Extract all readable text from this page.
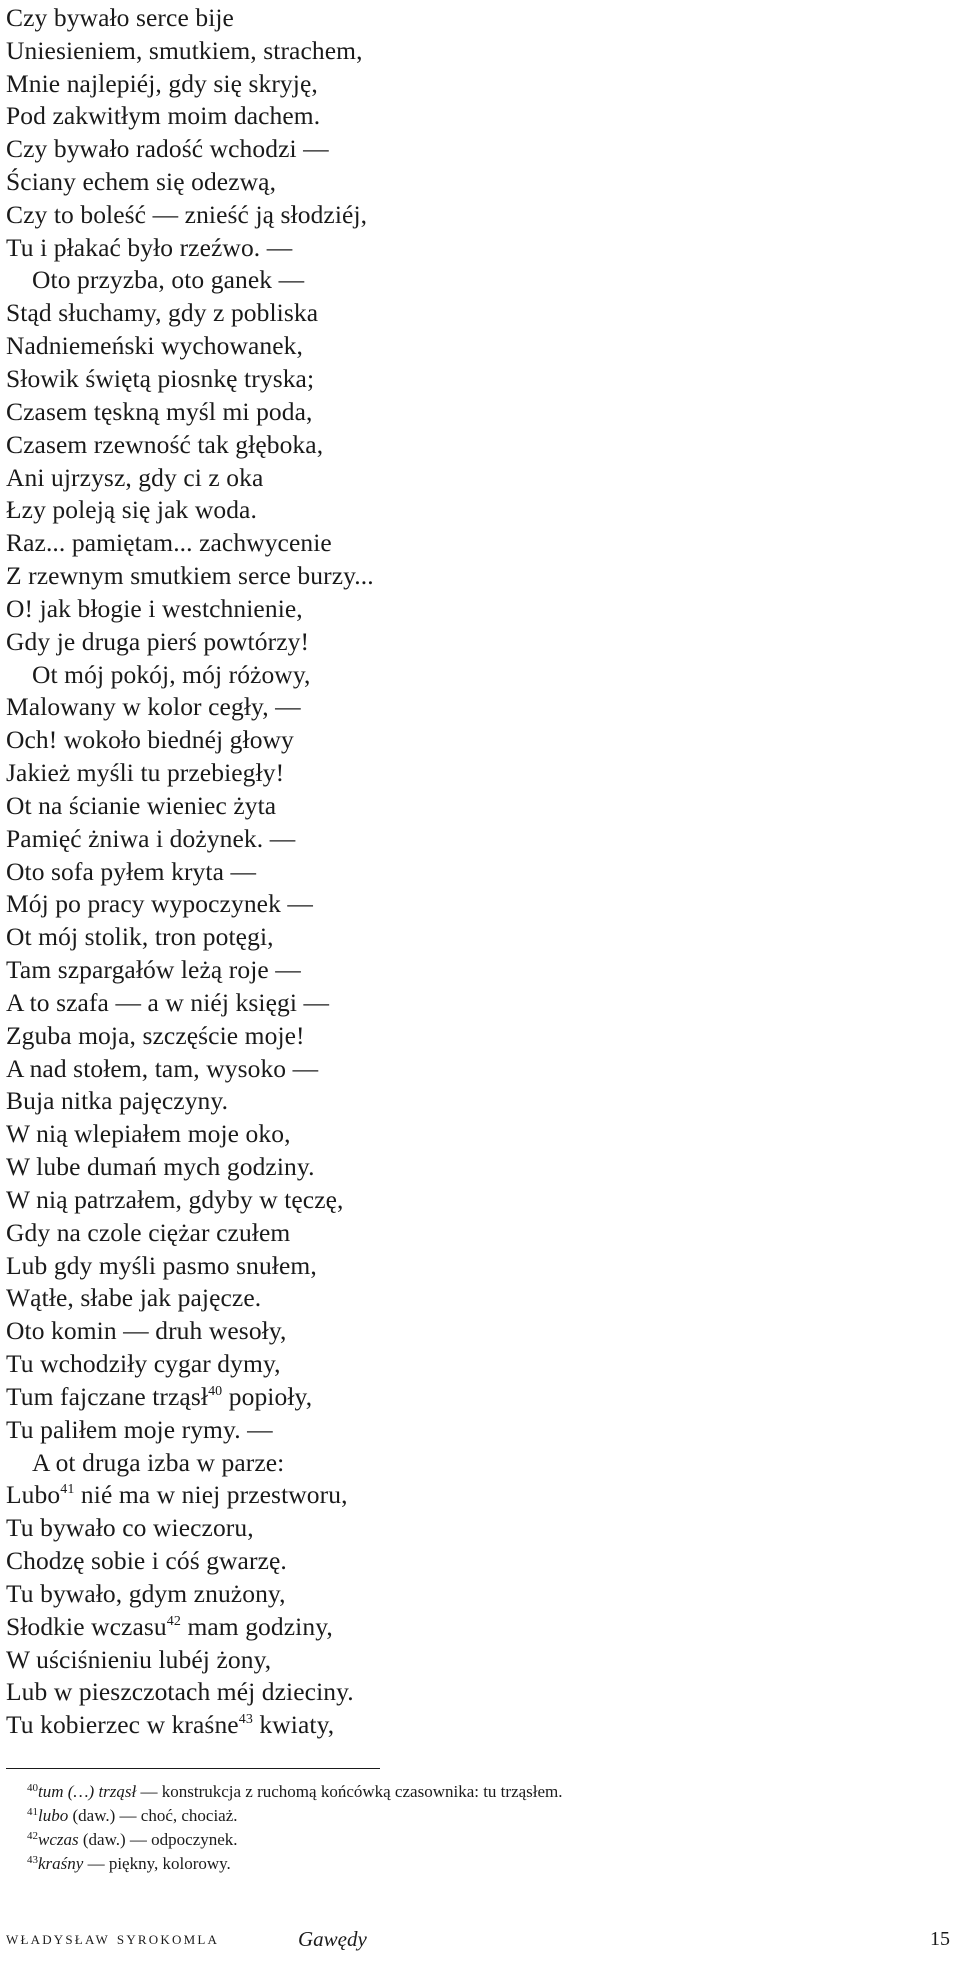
Czy bywało serce bije
Uniesieniem, smutkiem, strachem,
Mnie najlepiéj, gdy się skryję,
Pod zakwitłym moim dachem.
Czy bywało radość wchodzi —
Ściany echem się odezwą,
Czy to boleść — znieść ją słodziéj,
Tu i płakać było rzeźwo. —
Oto przyzba, oto ganek —
Stąd słuchamy, gdy z pobliska
Nadniemeński wychowanek,
Słowik świętą piosnkę tryska;
Czasem tęskną myśl mi poda,
Czasem rzewność tak głęboka,
Ani ujrzysz, gdy ci z oka
Łzy poleją się jak woda.
Raz... pamiętam... zachwycenie
Z rzewnym smutkiem serce burzy...
O! jak błogie i westchnienie,
Gdy je druga pierś powtórzy!
Ot mój pokój, mój różowy,
Malowany w kolor cegły, —
Och! wokoło biednéj głowy
Jakież myśli tu przebiegły!
Ot na ścianie wieniec żyta
Pamięć żniwa i dożynek. —
Oto sofa pyłem kryta —
Mój po pracy wypoczynek —
Ot mój stolik, tron potęgi,
Tam szpargałów leżą roje —
A to szafa — a w niéj księgi —
Zguba moja, szczęście moje!
A nad stołem, tam, wysoko —
Buja nitka pajęczyny.
W nią wlepiałem moje oko,
W lube dumań mych godziny.
W nią patrzałem, gdyby w tęczę,
Gdy na czole ciężar czułem
Lub gdy myśli pasmo snułem,
Wątłe, słabe jak pajęcze.
Oto komin — druh wesoły,
Tu wchodziły cygar dymy,
Tum fajczane trząsł$^{40}$ popioły,
Tu paliłem moje rymy. —
A ot druga izba w parze:
Lubo$^{41}$ nié ma w niej przestworu,
Tu bywało co wieczoru,
Chodzę sobie i cóś gwarzę.
Tu bywało, gdym znużony,
Słodkie wczasu$^{42}$ mam godziny,
W uściśnieniu lubéj żony,
Lub w pieszczotach méj dzieciny.
Tu kobierzec w kraśne$^{43}$ kwiaty,
$^{40}$tum (…) trząsł — konstrukcja z ruchomą końcówką czasownika: tu trząsłem.
$^{41}$lubo (daw.) — choć, chociaż.
$^{42}$wczas (daw.) — odpoczynek.
$^{43}$kraśny — piękny, kolorowy.
władysław syrokomla	Gawędy	15
